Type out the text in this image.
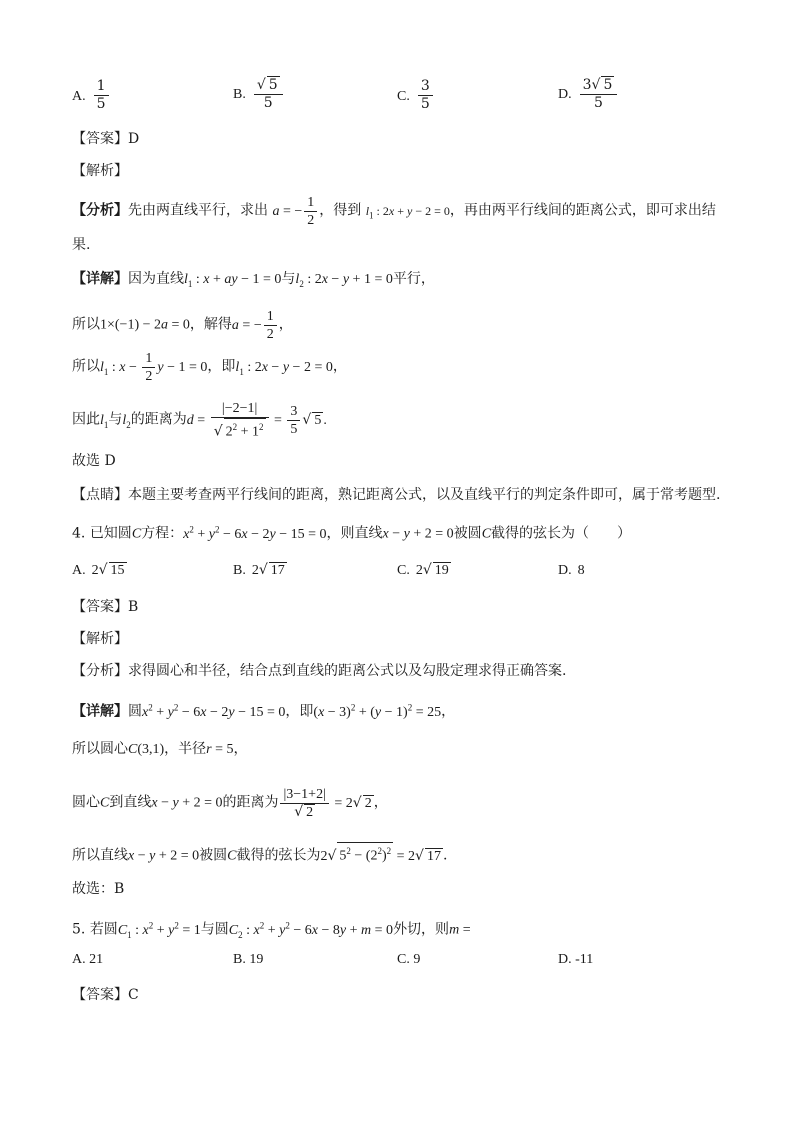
A. $\frac{1}{5}$	B. $\frac{√ 5}{5}$	C. $\frac{3}{5}$	D. $\frac{3√ 5}{5}$
【答案】D
【解析】
【分析】先由两直线平行，求出 a = − $\frac{1}{2}$ ，得到 $l_1$ : 2x + y − 2 = 0，再由两平行线间的距离公式，即可求出结
果.
【详解】因为直线$l_1$ : x + ay − 1 = 0与$l_2$ : 2x − y + 1 = 0平行，
所以1×(−1) − 2a = 0，解得a = − $\frac{1}{2}$ ，
所以$l_1$ : $x - \frac{1}{2}$ y − 1 = 0，即$l_1$ : 2x − y − 2 = 0，
因此$l_1$与$l_2$的距离为$d = \frac{|-2-1|}{√ 2^2 + 1^2} = \frac{3}{5}$ √ 5 .
故选 D
【点睛】本题主要考查两平行线间的距离，熟记距离公式，以及直线平行的判定条件即可，属于常考题型.
4. 已知圆C方程：$x^2 + y^2 - 6x - 2y - 15 = 0$，则直线x − y + 2 = 0被圆C截得的弦长为（　　）
A. 2√ 15	B. 2√ 17	C. 2√ 19	D. 8
【答案】B
【解析】
【分析】求得圆心和半径，结合点到直线的距离公式以及勾股定理求得正确答案.
【详解】圆$x^2 + y^2 - 6x - 2y - 15 = 0$，即$(x - 3)^2 + (y - 1)^2 = 25$，
所以圆心C(3,1)，半径r = 5，
圆心C到直线x − y + 2 = 0的距离为 $\frac{|3-1+2|}{√ 2} = 2√$ 2 ，
所以直线x − y + 2 = 0被圆C截得的弦长为2√ $5^2 - (2^2)^2 = 2√$ 17 .
故选：B
5. 若圆$C_1$ : $x^2 + y^2 = 1$与圆$C_2$ : $x^2 + y^2 - 6x - 8y + m = 0$外切，则m =
A. 21	B. 19	C. 9	D. -11
【答案】C
